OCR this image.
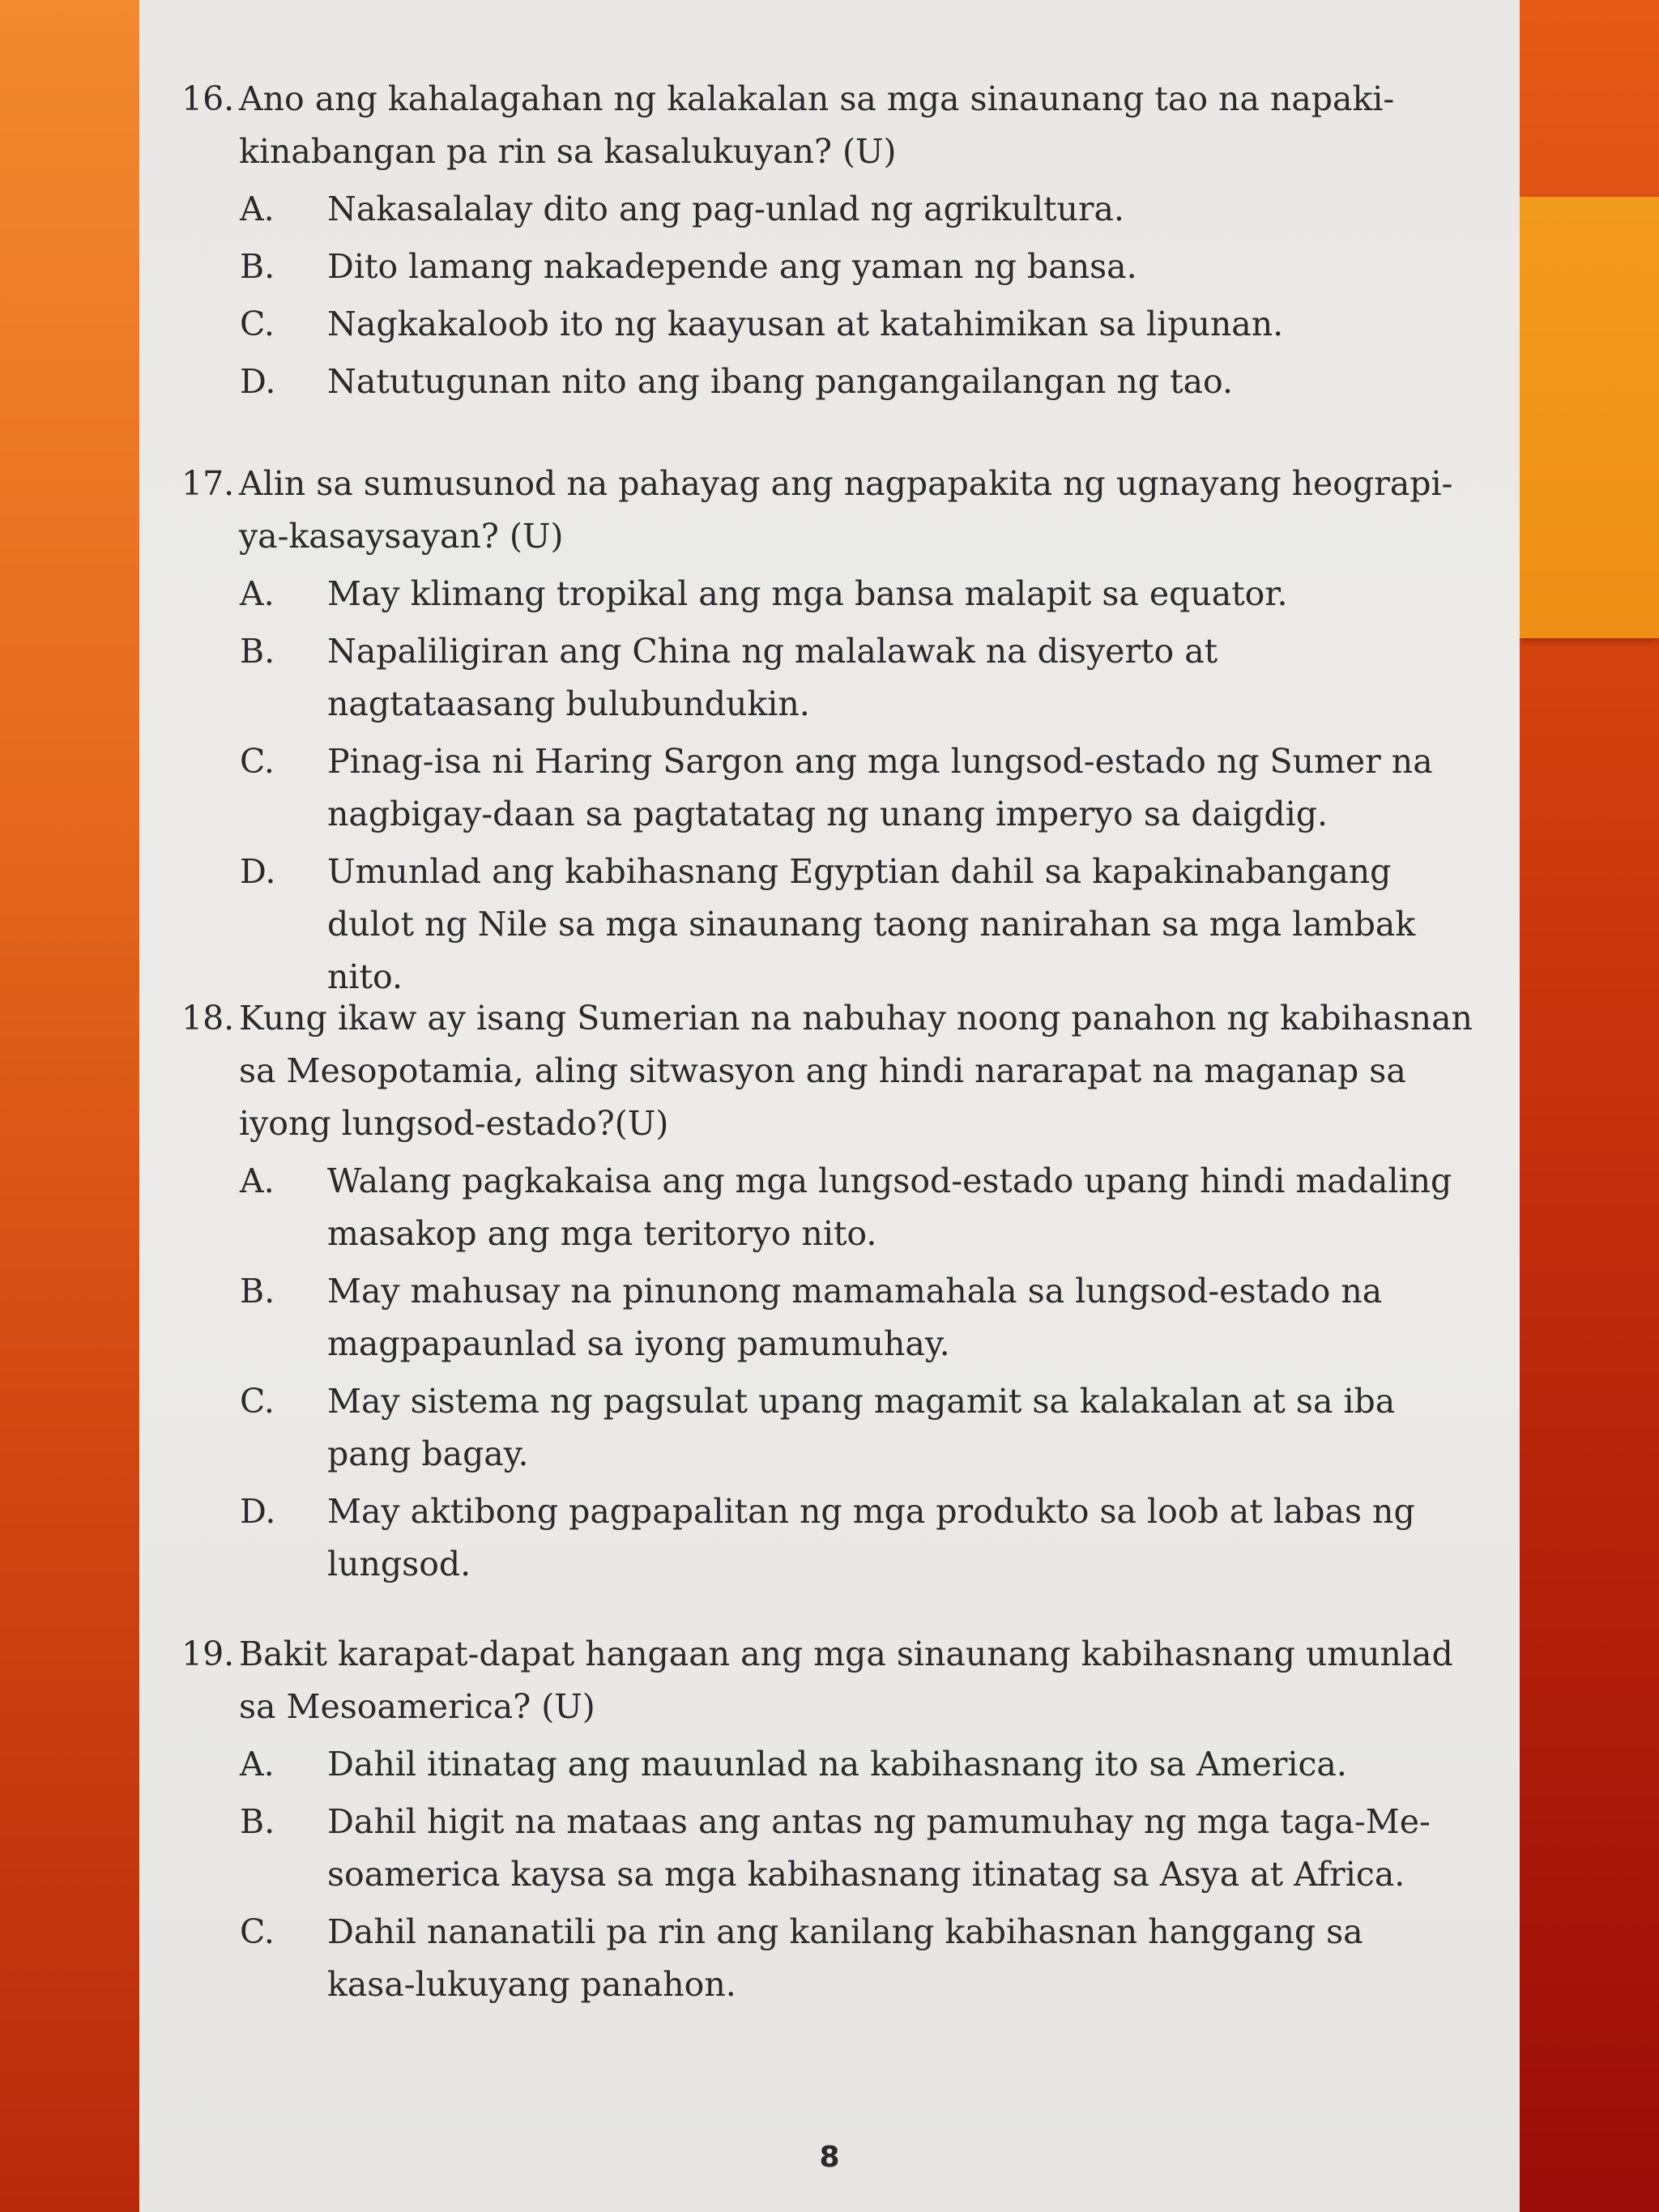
16. Ano ang kahalagahan ng kalakalan sa mga sinaunang tao na napaki-kinabangan pa rin sa kasalukuyan? (U)
A. Nakasalalay dito ang pag-unlad ng agrikultura.
B. Dito lamang nakadepende ang yaman ng bansa.
C. Nagkakaloob ito ng kaayusan at katahimikan sa lipunan.
D. Natutugunan nito ang ibang pangangailangan ng tao.
17. Alin sa sumusunod na pahayag ang nagpapakita ng ugnayang heograpi-ya-kasaysayan? (U)
A. May klimang tropikal ang mga bansa malapit sa equator.
B. Napaliligiran ang China ng malalawak na disyerto at nagtataasang bulubundukin.
C. Pinag-isa ni Haring Sargon ang mga lungsod-estado ng Sumer na nagbigay-daan sa pagtatatag ng unang imperyo sa daigdig.
D. Umunlad ang kabihasnang Egyptian dahil sa kapakinabangang dulot ng Nile sa mga sinaunang taong nanirahan sa mga lambak nito.
18. Kung ikaw ay isang Sumerian na nabuhay noong panahon ng kabihasnan sa Mesopotamia, aling sitwasyon ang hindi nararapat na maganap sa iyong lungsod-estado?(U)
A. Walang pagkakaisa ang mga lungsod-estado upang hindi madaling masakop ang mga teritoryo nito.
B. May mahusay na pinunong mamamahala sa lungsod-estado na magpapaunlad sa iyong pamumuhay.
C. May sistema ng pagsulat upang magamit sa kalakalan at sa iba pang bagay.
D. May aktibong pagpapalitan ng mga produkto sa loob at labas ng lungsod.
19. Bakit karapat-dapat hangaan ang mga sinaunang kabihasnang umunlad sa Mesoamerica? (U)
A. Dahil itinatag ang mauunlad na kabihasnang ito sa America.
B. Dahil higit na mataas ang antas ng pamumuhay ng mga taga-Me-soamerica kaysa sa mga kabihasnang itinatag sa Asya at Africa.
C. Dahil nananatili pa rin ang kanilang kabihasnan hanggang sa kasa-lukuyang panahon.
8
